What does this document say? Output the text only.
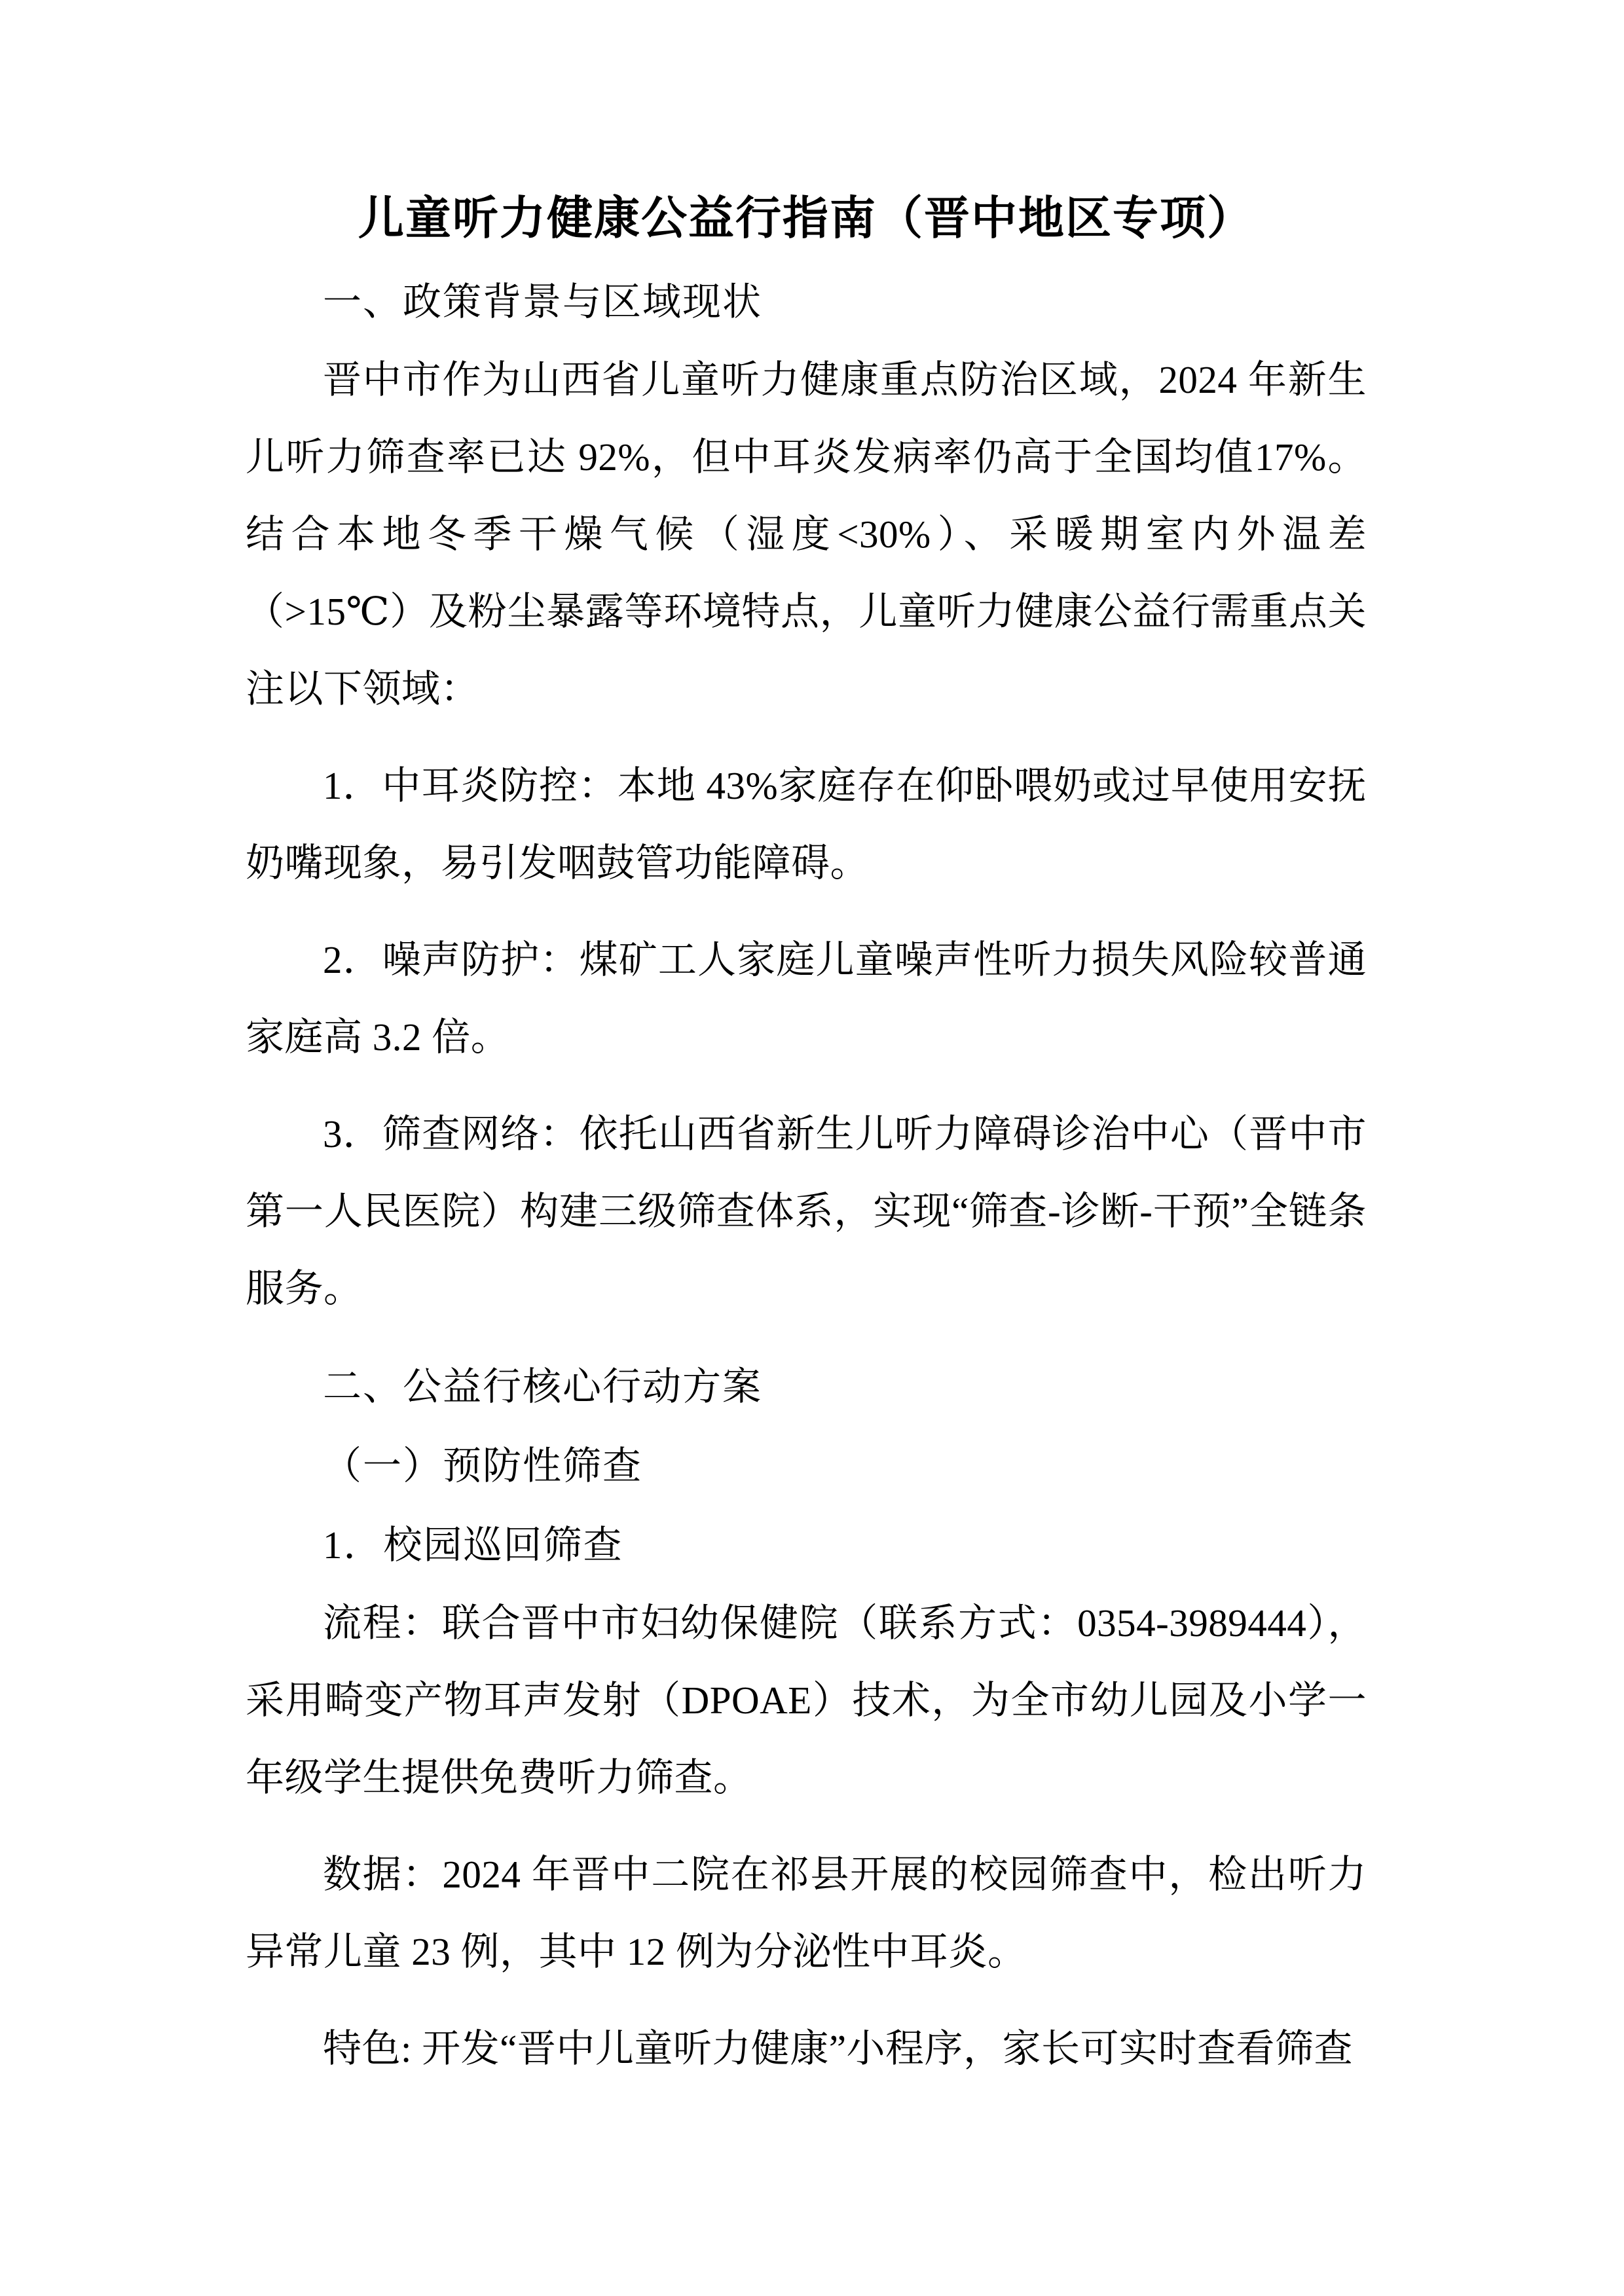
儿童听力健康公益行指南（晋中地区专项）

一、政策背景与区域现状

晋中市作为山西省儿童听力健康重点防治区域，2024 年新生儿听力筛查率已达 92%，但中耳炎发病率仍高于全国均值17%。结合本地冬季干燥气候（湿度<30%）、采暖期室内外温差（>15℃）及粉尘暴露等环境特点，儿童听力健康公益行需重点关注以下领域：

1．中耳炎防控：本地 43%家庭存在仰卧喂奶或过早使用安抚奶嘴现象，易引发咽鼓管功能障碍。

2．噪声防护：煤矿工人家庭儿童噪声性听力损失风险较普通家庭高 3.2 倍。

3．筛查网络：依托山西省新生儿听力障碍诊治中心（晋中市第一人民医院）构建三级筛查体系，实现“筛查-诊断-干预”全链条服务。

二、公益行核心行动方案

（一）预防性筛查

1．校园巡回筛查

流程：联合晋中市妇幼保健院（联系方式：0354-3989444），采用畸变产物耳声发射（DPOAE）技术，为全市幼儿园及小学一年级学生提供免费听力筛查。

数据：2024 年晋中二院在祁县开展的校园筛查中，检出听力异常儿童 23 例，其中 12 例为分泌性中耳炎。

特色: 开发“晋中儿童听力健康”小程序，家长可实时查看筛查
